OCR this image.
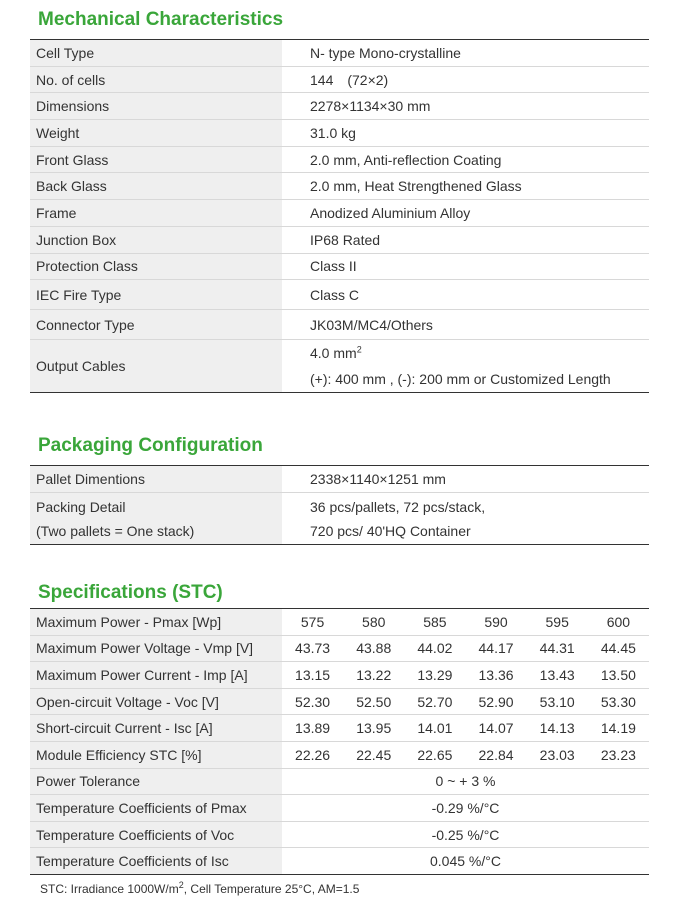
Mechanical Characteristics
Cell Type	N- type Mono-crystalline
No. of cells	144　(72×2)
Dimensions	2278×1134×30 mm
Weight	31.0 kg
Front Glass	2.0 mm, Anti-reflection Coating
Back Glass	2.0 mm, Heat Strengthened Glass
Frame	Anodized Aluminium Alloy
Junction Box	IP68 Rated
Protection Class	Class II
IEC Fire Type	Class C
Connector Type	JK03M/MC4/Others
Output Cables	4.0 $mm^2$
(+): 400 mm , (-): 200 mm or Customized Length
Packaging Configuration
Pallet Dimentions	2338×1140×1251 mm

Packing Detail
(Two pallets = One stack)	36 pcs/pallets, 72 pcs/stack,
720 pcs/ 40'HQ Container
Specifications (STC)
Maximum Power - Pmax [Wp]	575	580	585	590	595	600
Maximum Power Voltage - Vmp [V]	43.73	43.88	44.02	44.17	44.31	44.45
Maximum Power Current - Imp [A]	13.15	13.22	13.29	13.36	13.43	13.50
Open-circuit Voltage - Voc [V]	52.30	52.50	52.70	52.90	53.10	53.30
Short-circuit Current - Isc [A]	13.89	13.95	14.01	14.07	14.13	14.19
Module Efficiency STC [%]	22.26	22.45	22.65	22.84	23.03	23.23
Power Tolerance	0 ~ + 3 %					
Temperature Coefficients of Pmax	-0.29 %/°C					
Temperature Coefficients of Voc	-0.25 %/°C					
Temperature Coefficients of Isc	0.045 %/°C					
STC: Irradiance $1000W/m^2$, Cell Temperature 25°C, AM=1.5
